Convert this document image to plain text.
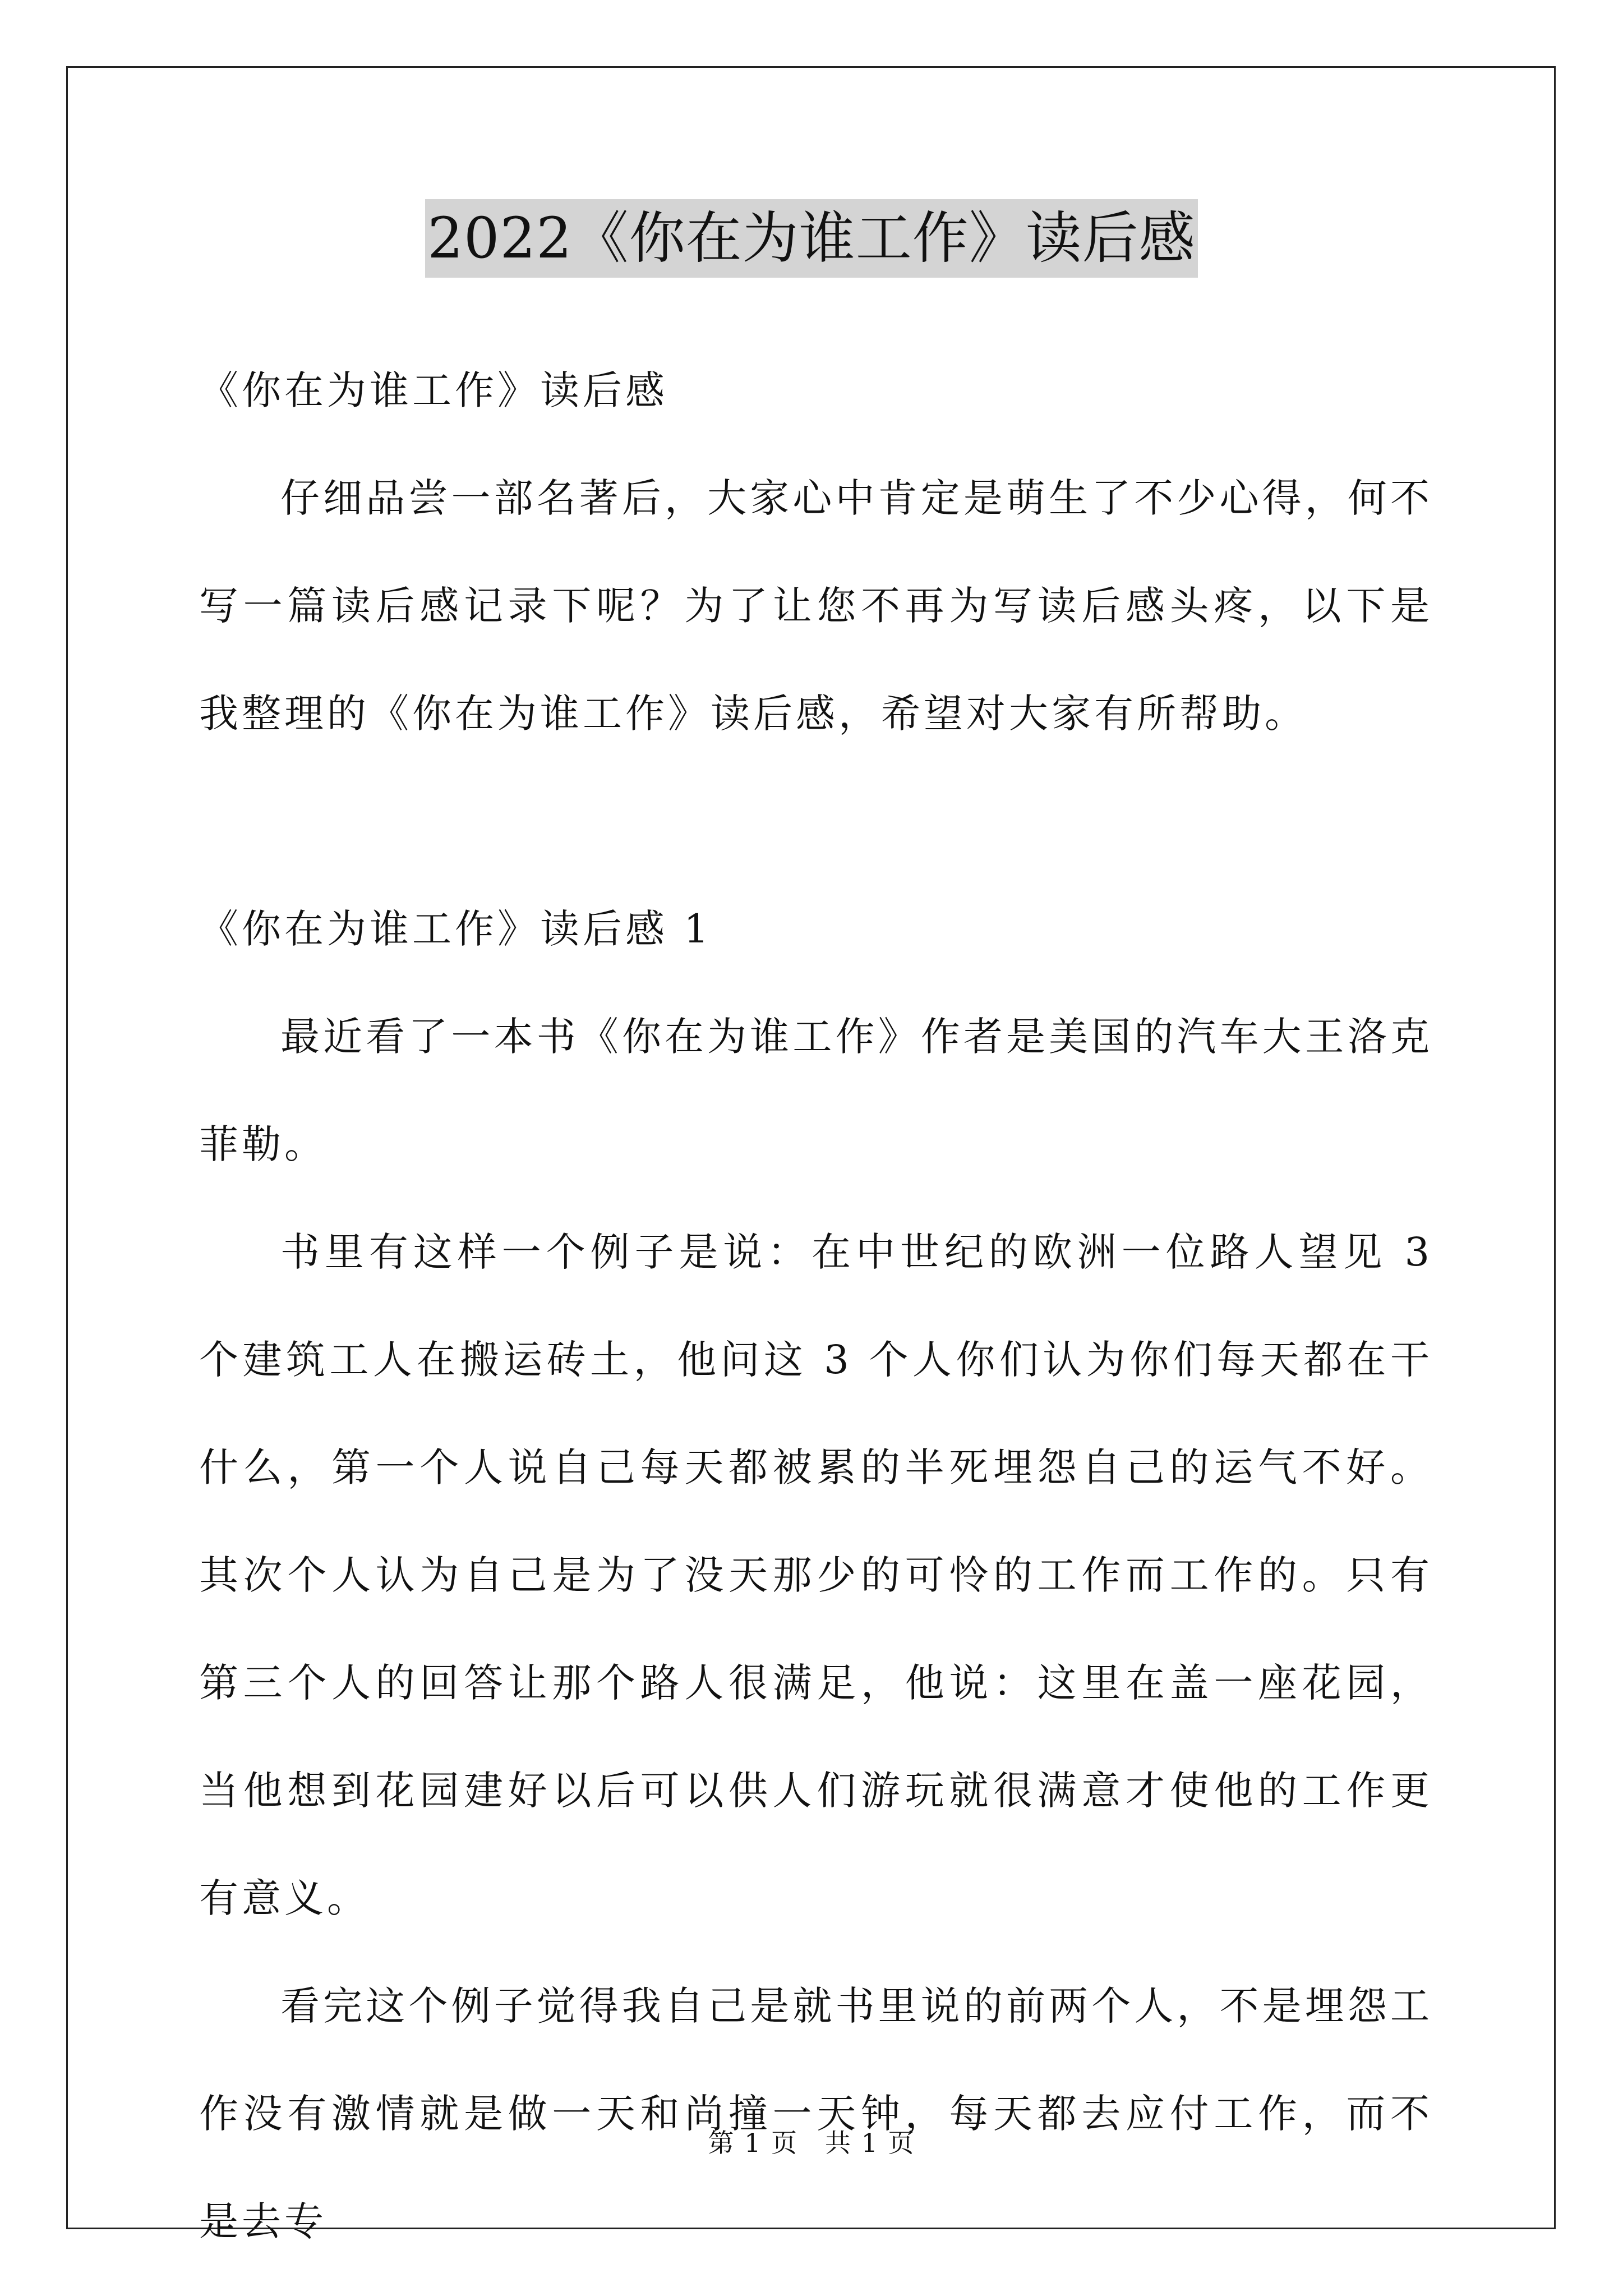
2022《你在为谁工作》读后感

《你在为谁工作》读后感

仔细品尝一部名著后，大家心中肯定是萌生了不少心得，何不写一篇读后感记录下呢？为了让您不再为写读后感头疼，以下是我整理的《你在为谁工作》读后感，希望对大家有所帮助。

《你在为谁工作》读后感 1

最近看了一本书《你在为谁工作》作者是美国的汽车大王洛克菲勒。

书里有这样一个例子是说：在中世纪的欧洲一位路人望见 3 个建筑工人在搬运砖土，他问这 3 个人你们认为你们每天都在干什么，第一个人说自己每天都被累的半死埋怨自己的运气不好。其次个人认为自己是为了没天那少的可怜的工作而工作的。只有第三个人的回答让那个路人很满足，他说：这里在盖一座花园，当他想到花园建好以后可以供人们游玩就很满意才使他的工作更有意义。

看完这个例子觉得我自己是就书里说的前两个人，不是埋怨工作没有激情就是做一天和尚撞一天钟，每天都去应付工作，而不是去专

第 1 页 共 1 页
